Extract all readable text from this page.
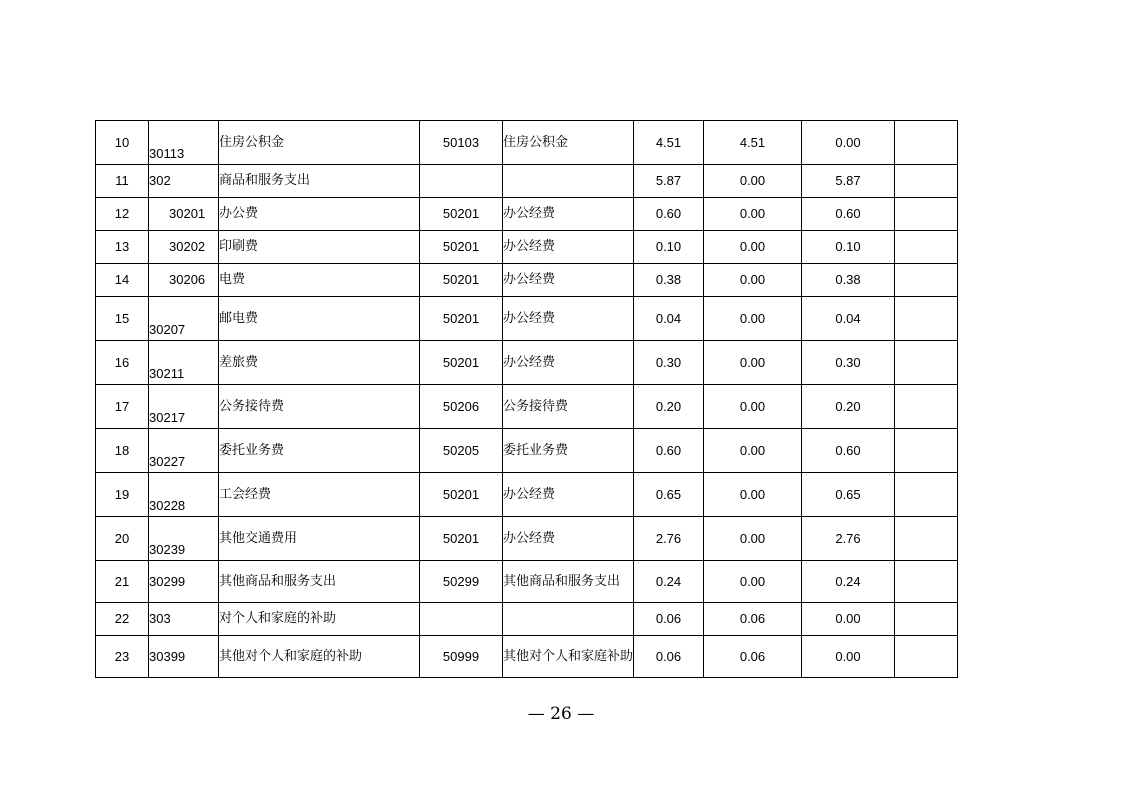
10	30113	住房公积金	50103	住房公积金	4.51	4.51	0.00	
11	302	商品和服务支出			5.87	0.00	5.87	
12	30201	办公费	50201	办公经费	0.60	0.00	0.60	
13	30202	印刷费	50201	办公经费	0.10	0.00	0.10	
14	30206	电费	50201	办公经费	0.38	0.00	0.38	
15	30207	邮电费	50201	办公经费	0.04	0.00	0.04	
16	30211	差旅费	50201	办公经费	0.30	0.00	0.30	
17	30217	公务接待费	50206	公务接待费	0.20	0.00	0.20	
18	30227	委托业务费	50205	委托业务费	0.60	0.00	0.60	
19	30228	工会经费	50201	办公经费	0.65	0.00	0.65	
20	30239	其他交通费用	50201	办公经费	2.76	0.00	2.76	
21	30299	其他商品和服务支出	50299	其他商品和服务支出	0.24	0.00	0.24	
22	303	对个人和家庭的补助			0.06	0.06	0.00	
23	30399	其他对个人和家庭的补助	50999	其他对个人和家庭补助	0.06	0.06	0.00	
— 26 —
